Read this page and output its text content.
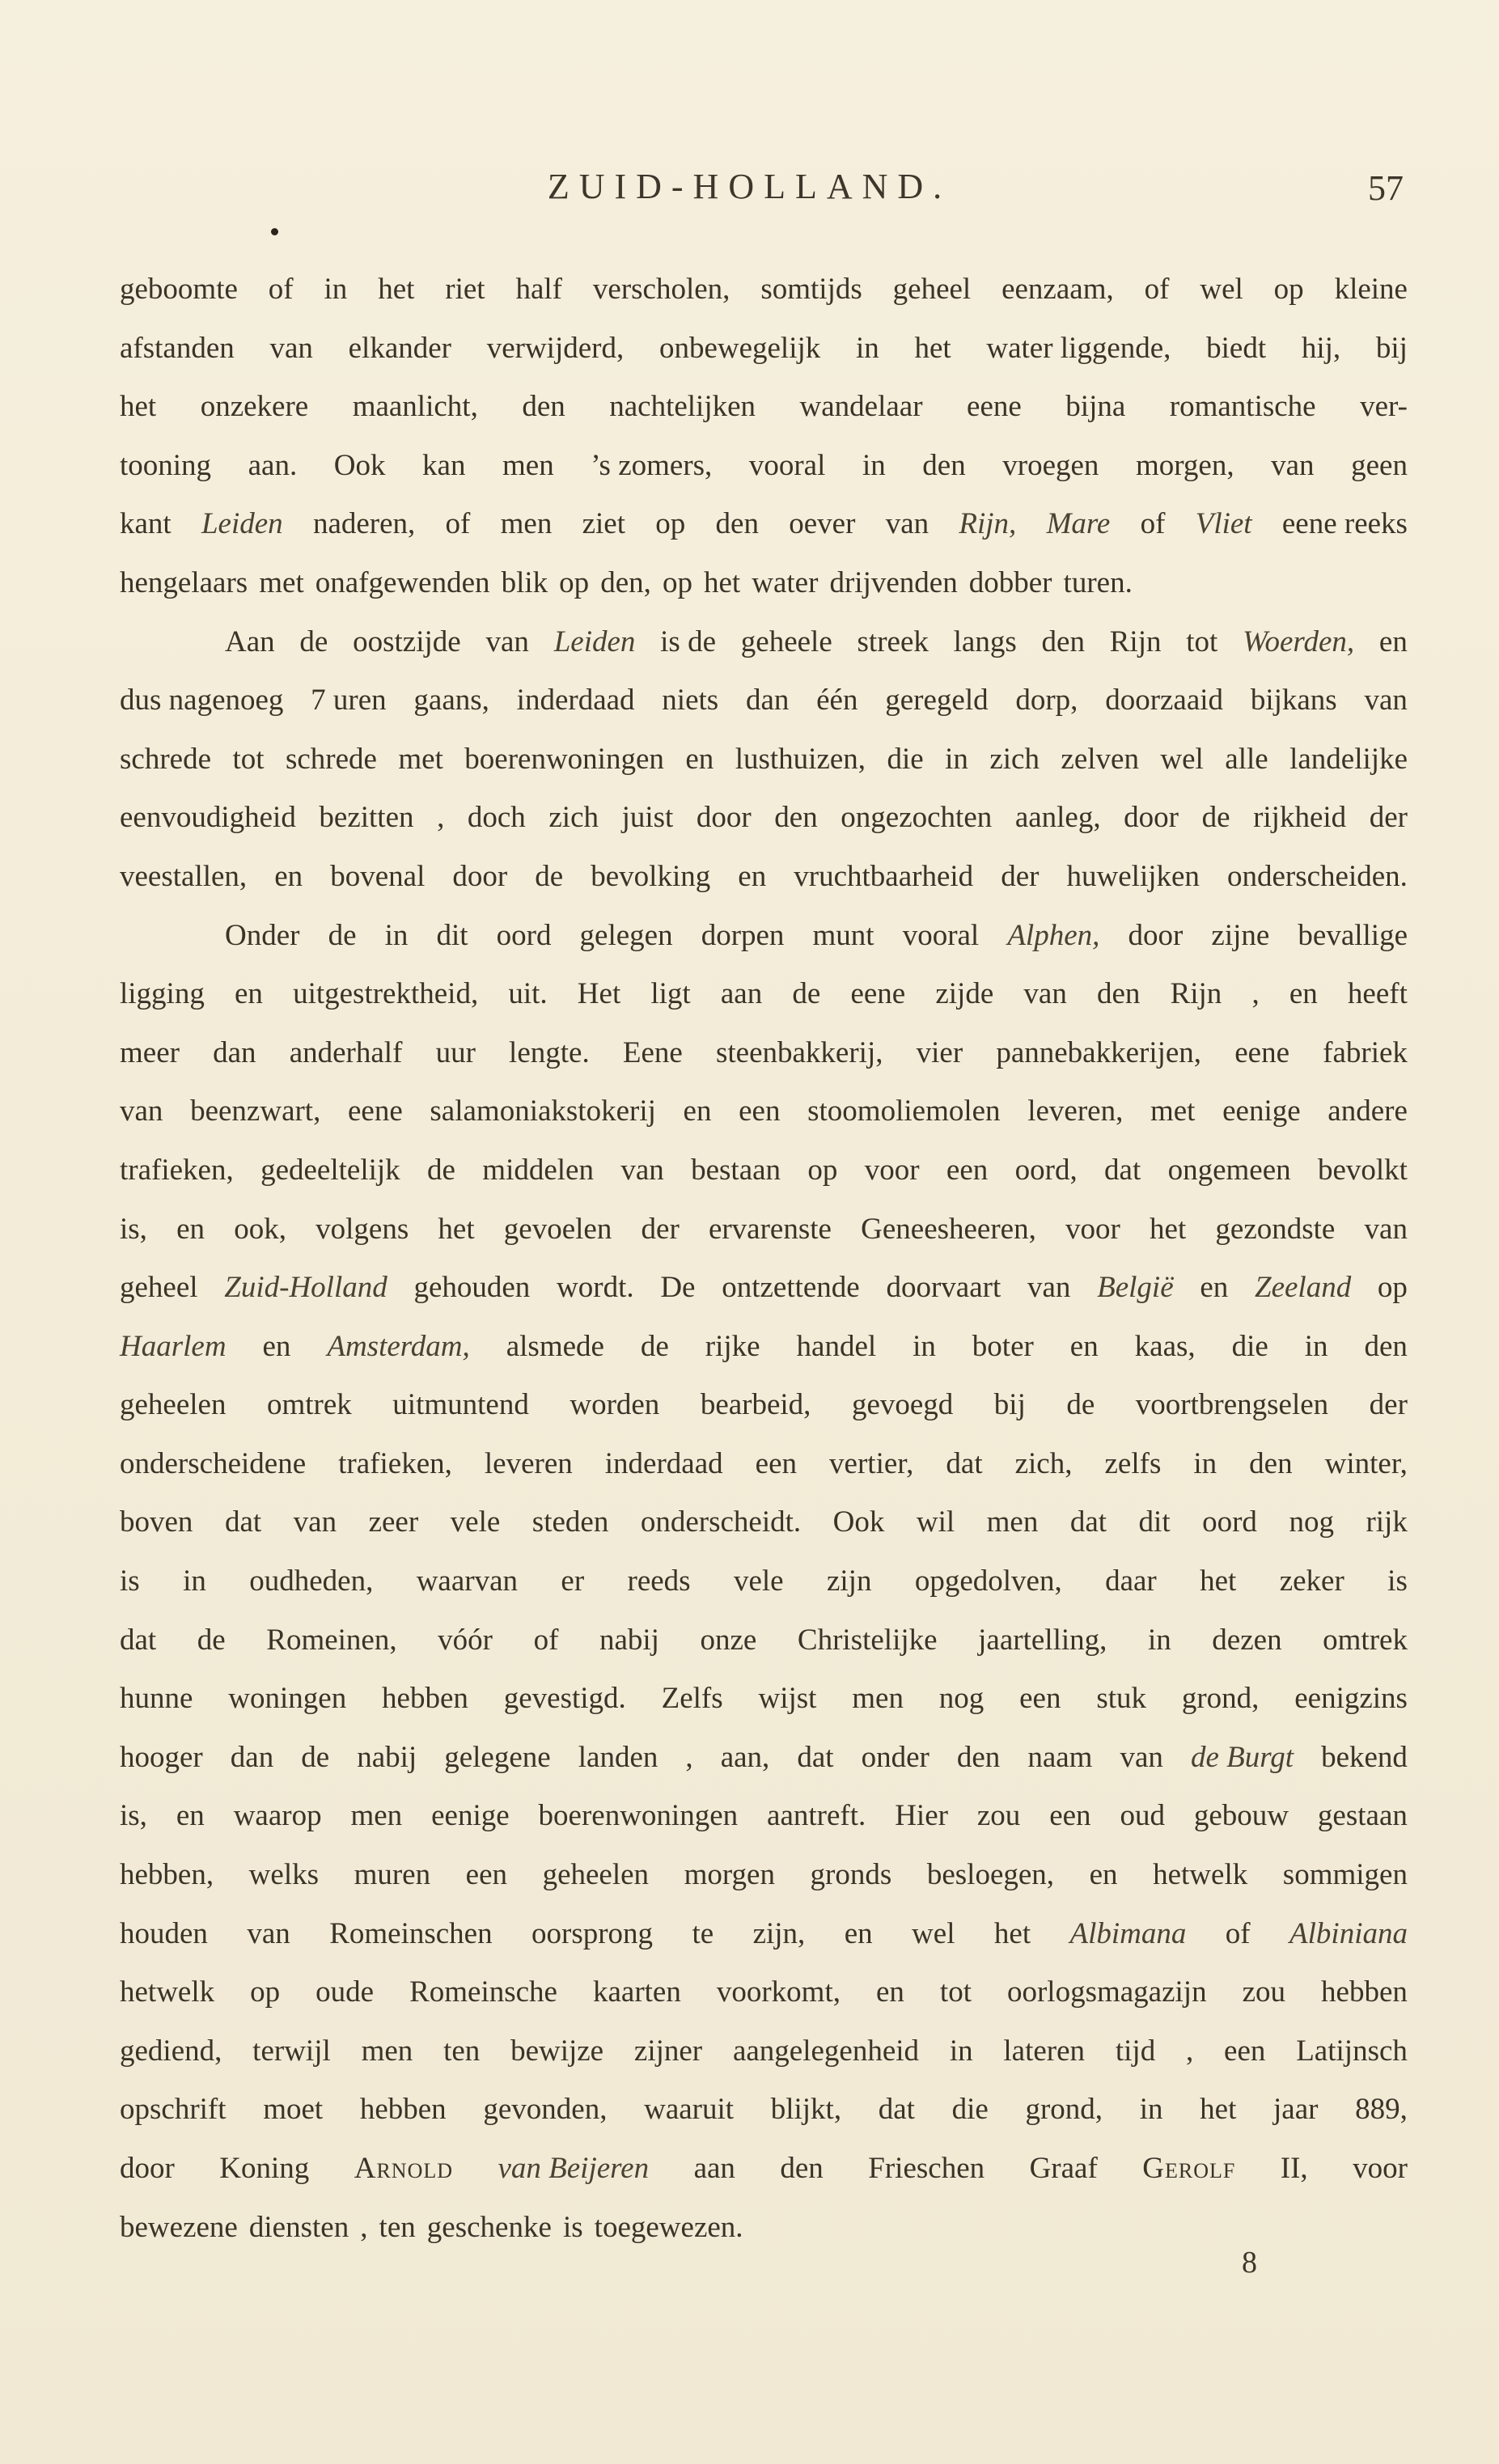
ZUID-HOLLAND.	57
geboomte of in het riet half verscholen, somtijds geheel eenzaam, of wel op kleine
afstanden van elkander verwijderd, onbewegelijk in het water liggende, biedt hij, bij
het onzekere maanlicht, den nachtelijken wandelaar eene bijna romantische ver-
tooning aan. Ook kan men ’s zomers, vooral in den vroegen morgen, van geen
kant Leiden naderen, of men ziet op den oever van Rijn, Mare of Vliet eene reeks
hengelaars met onafgewenden blik op den, op het water drijvenden dobber turen.
Aan de oostzijde van Leiden is de geheele streek langs den Rijn tot Woerden, en
dus nagenoeg 7 uren gaans, inderdaad niets dan één geregeld dorp, doorzaaid bijkans van
schrede tot schrede met boerenwoningen en lusthuizen, die in zich zelven wel alle landelijke
eenvoudigheid bezitten , doch zich juist door den ongezochten aanleg, door de rijkheid der
veestallen, en bovenal door de bevolking en vruchtbaarheid der huwelijken onderscheiden.
Onder de in dit oord gelegen dorpen munt vooral Alphen, door zijne bevallige
ligging en uitgestrektheid, uit. Het ligt aan de eene zijde van den Rijn , en heeft
meer dan anderhalf uur lengte. Eene steenbakkerij, vier pannebakkerijen, eene fabriek
van beenzwart, eene salamoniakstokerij en een stoomoliemolen leveren, met eenige andere
trafieken, gedeeltelijk de middelen van bestaan op voor een oord, dat ongemeen bevolkt
is, en ook, volgens het gevoelen der ervarenste Geneesheeren, voor het gezondste van
geheel Zuid-Holland gehouden wordt. De ontzettende doorvaart van België en Zeeland op
Haarlem en Amsterdam, alsmede de rijke handel in boter en kaas, die in den
geheelen omtrek uitmuntend worden bearbeid, gevoegd bij de voortbrengselen der
onderscheidene trafieken, leveren inderdaad een vertier, dat zich, zelfs in den winter,
boven dat van zeer vele steden onderscheidt. Ook wil men dat dit oord nog rijk
is in oudheden, waarvan er reeds vele zijn opgedolven, daar het zeker is
dat de Romeinen, vóór of nabij onze Christelijke jaartelling, in dezen omtrek
hunne woningen hebben gevestigd. Zelfs wijst men nog een stuk grond, eenigzins
hooger dan de nabij gelegene landen , aan, dat onder den naam van de Burgt bekend
is, en waarop men eenige boerenwoningen aantreft. Hier zou een oud gebouw gestaan
hebben, welks muren een geheelen morgen gronds besloegen, en hetwelk sommigen
houden van Romeinschen oorsprong te zijn, en wel het Albimana of Albiniana
hetwelk op oude Romeinsche kaarten voorkomt, en tot oorlogsmagazijn zou hebben
gediend, terwijl men ten bewijze zijner aangelegenheid in lateren tijd , een Latijnsch
opschrift moet hebben gevonden, waaruit blijkt, dat die grond, in het jaar 889,
door Koning Arnold van Beijeren aan den Frieschen Graaf Gerolf II, voor
bewezene diensten , ten geschenke is toegewezen.
8
